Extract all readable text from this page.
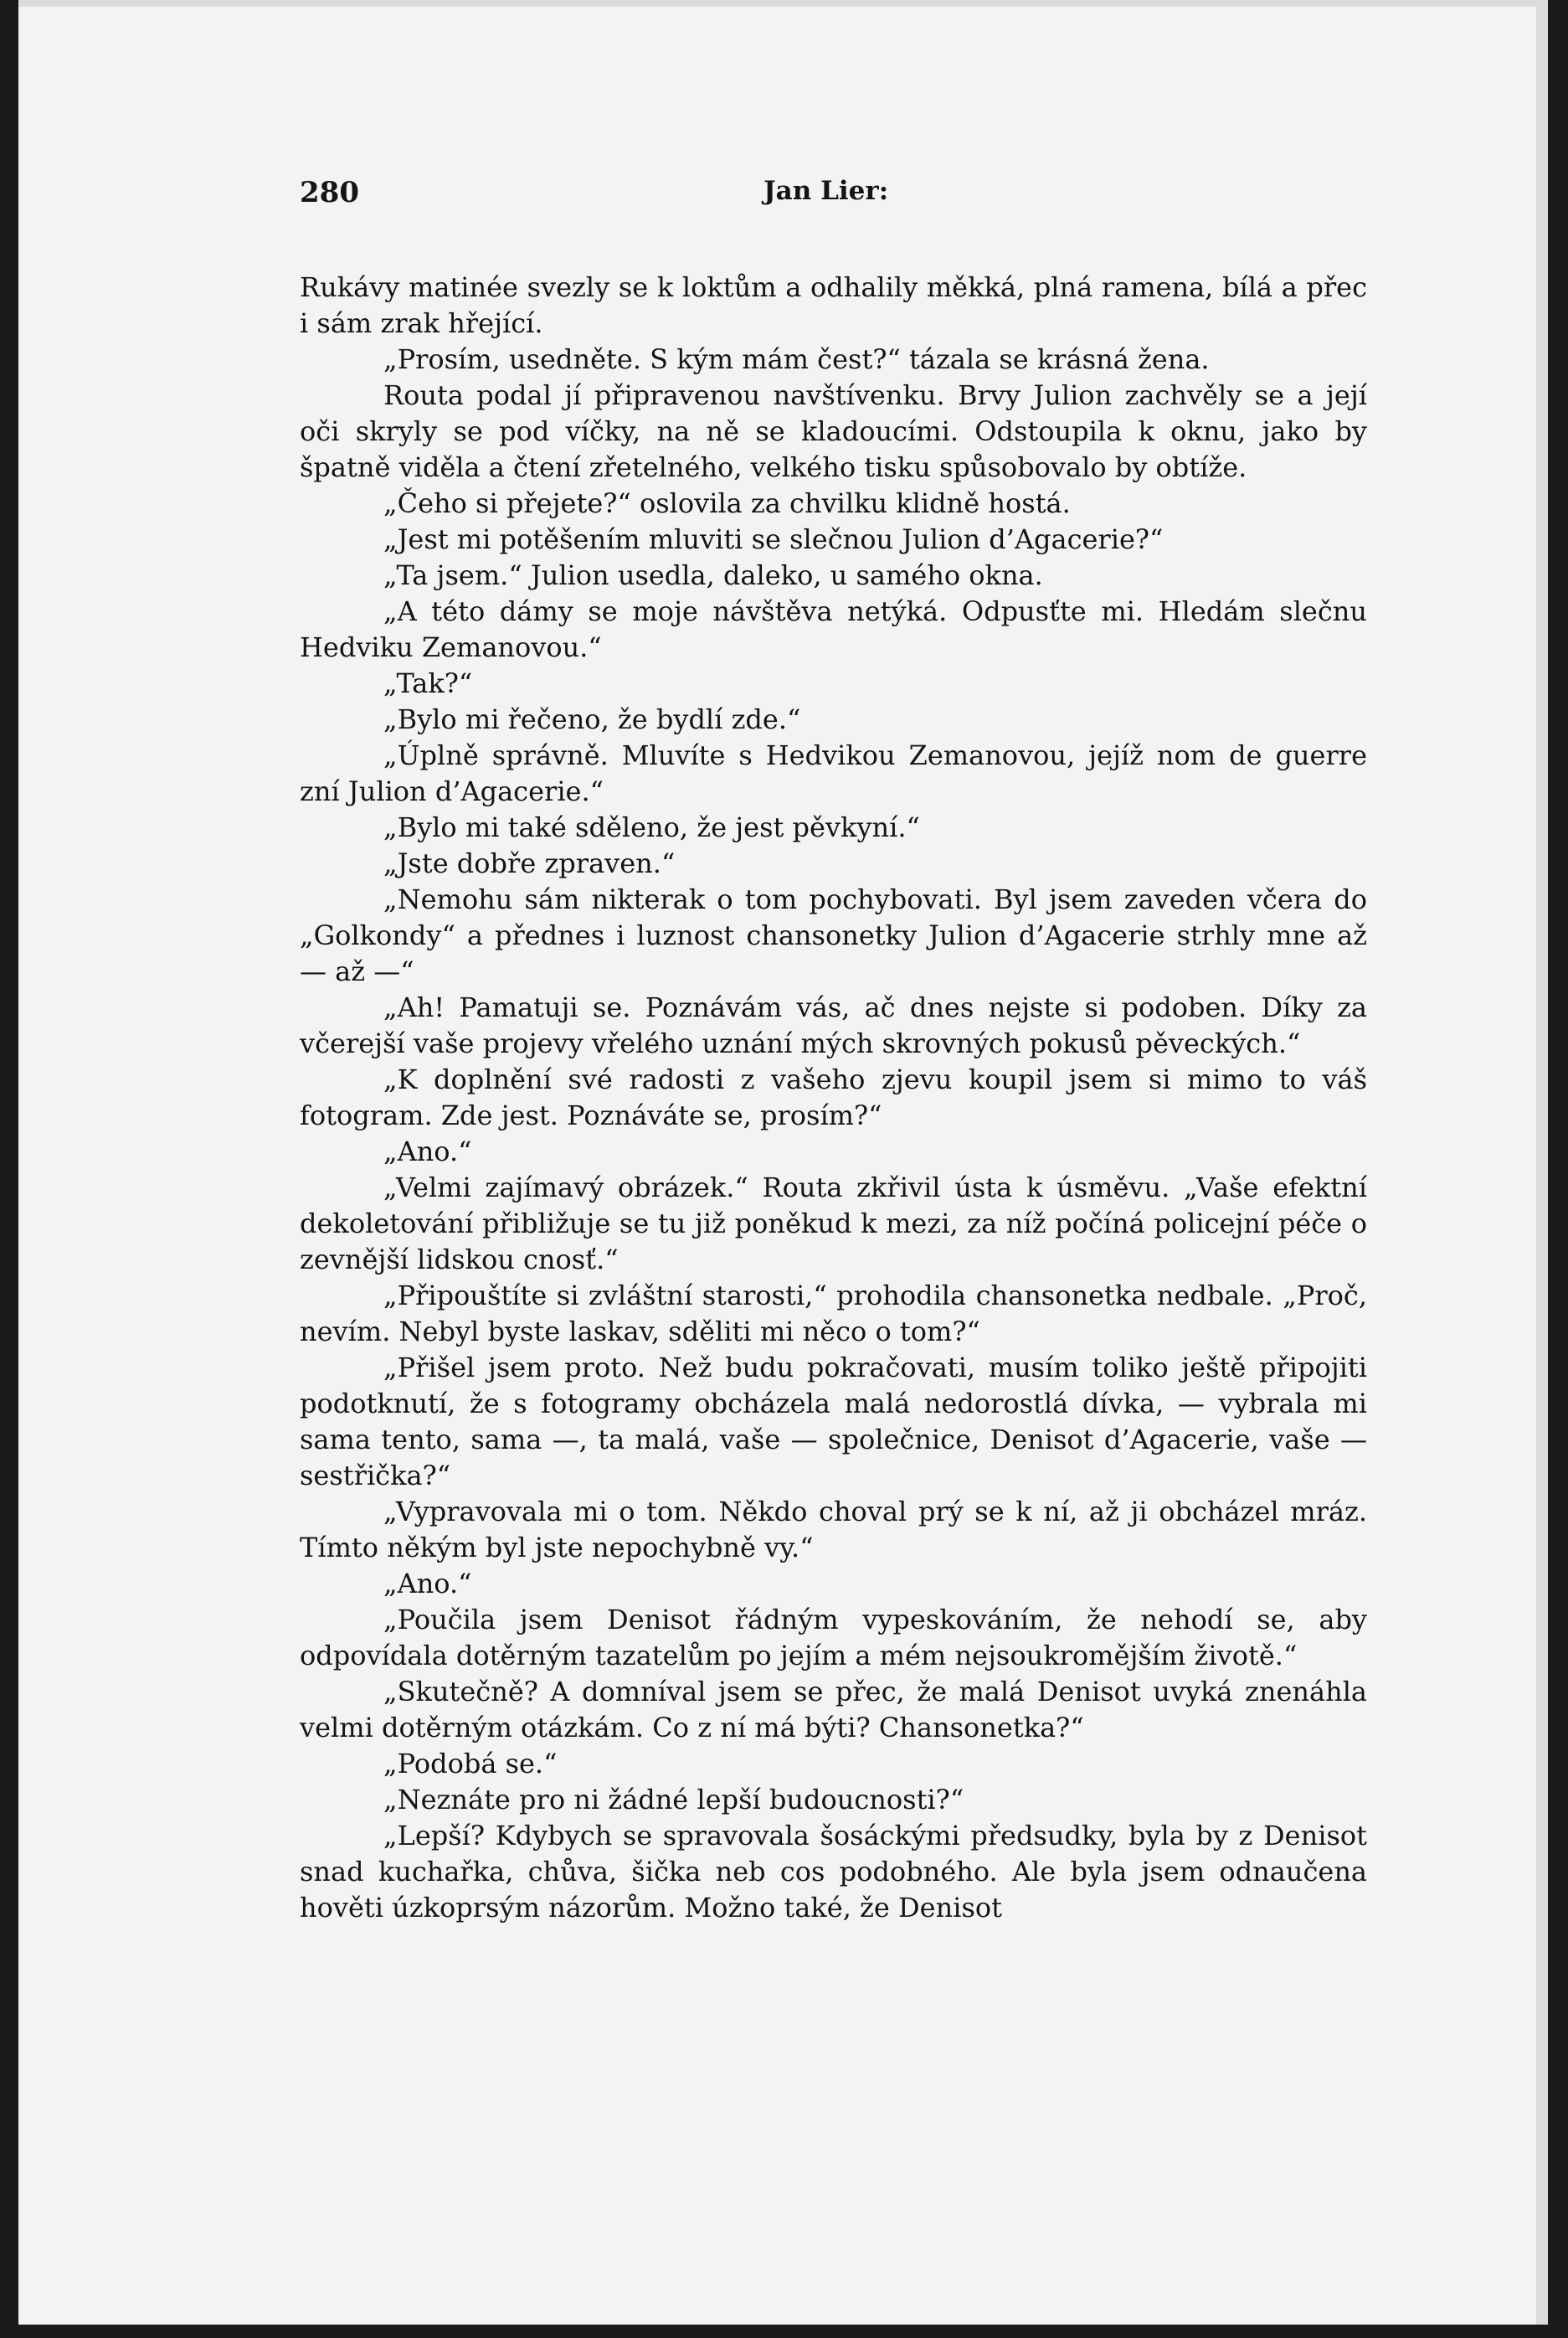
280	Jan Lier:

Rukávy matinée svezly se k loktům a odhalily měkká, plná ramena, bílá a přec i sám zrak hřející.

„Prosím, usedněte. S kým mám čest?“ tázala se krásná žena.

Routa podal jí připravenou navštívenku. Brvy Julion zachvěly se a její oči skryly se pod víčky, na ně se kladoucími. Odstoupila k oknu, jako by špatně viděla a čtení zřetelného, velkého tisku spůsobovalo by obtíže.

„Čeho si přejete?“ oslovila za chvilku klidně hostá.

„Jest mi potěšením mluviti se slečnou Julion d’Agacerie?“

„Ta jsem.“ Julion usedla, daleko, u samého okna.

„A této dámy se moje návštěva netýká. Odpusťte mi. Hledám slečnu Hedviku Zemanovou.“

„Tak?“

„Bylo mi řečeno, že bydlí zde.“

„Úplně správně. Mluvíte s Hedvikou Zemanovou, jejíž nom de guerre zní Julion d’Agacerie.“

„Bylo mi také sděleno, že jest pěvkyní.“

„Jste dobře zpraven.“

„Nemohu sám nikterak o tom pochybovati. Byl jsem zaveden včera do „Golkondy“ a přednes i luznost chansonetky Julion d’Agacerie strhly mne až — až —“

„Ah! Pamatuji se. Poznávám vás, ač dnes nejste si podoben. Díky za včerejší vaše projevy vřelého uznání mých skrovných pokusů pěveckých.“

„K doplnění své radosti z vašeho zjevu koupil jsem si mimo to váš fotogram. Zde jest. Poznáváte se, prosím?“

„Ano.“

„Velmi zajímavý obrázek.“ Routa zkřivil ústa k úsměvu. „Vaše efektní dekoletování přibližuje se tu již poněkud k mezi, za níž počíná policejní péče o zevnější lidskou cnosť.“

„Připouštíte si zvláštní starosti,“ prohodila chansonetka nedbale. „Proč, nevím. Nebyl byste laskav, sděliti mi něco o tom?“

„Přišel jsem proto. Než budu pokračovati, musím toliko ještě připojiti podotknutí, že s fotogramy obcházela malá nedorostlá dívka, — vybrala mi sama tento, sama —, ta malá, vaše — společnice, Denisot d’Agacerie, vaše — sestřička?“

„Vypravovala mi o tom. Někdo choval prý se k ní, až ji obcházel mráz. Tímto někým byl jste nepochybně vy.“

„Ano.“

„Poučila jsem Denisot řádným vypeskováním, že nehodí se, aby odpovídala dotěrným tazatelům po jejím a mém nejsoukromějším životě.“

„Skutečně? A domníval jsem se přec, že malá Denisot uvyká znenáhla velmi dotěrným otázkám. Co z ní má býti? Chansonetka?“

„Podobá se.“

„Neznáte pro ni žádné lepší budoucnosti?“

„Lepší? Kdybych se spravovala šosáckými předsudky, byla by z Denisot snad kuchařka, chůva, šička neb cos podobného. Ale byla jsem odnaučena hověti úzkoprsým názorům. Možno také, že Denisot
